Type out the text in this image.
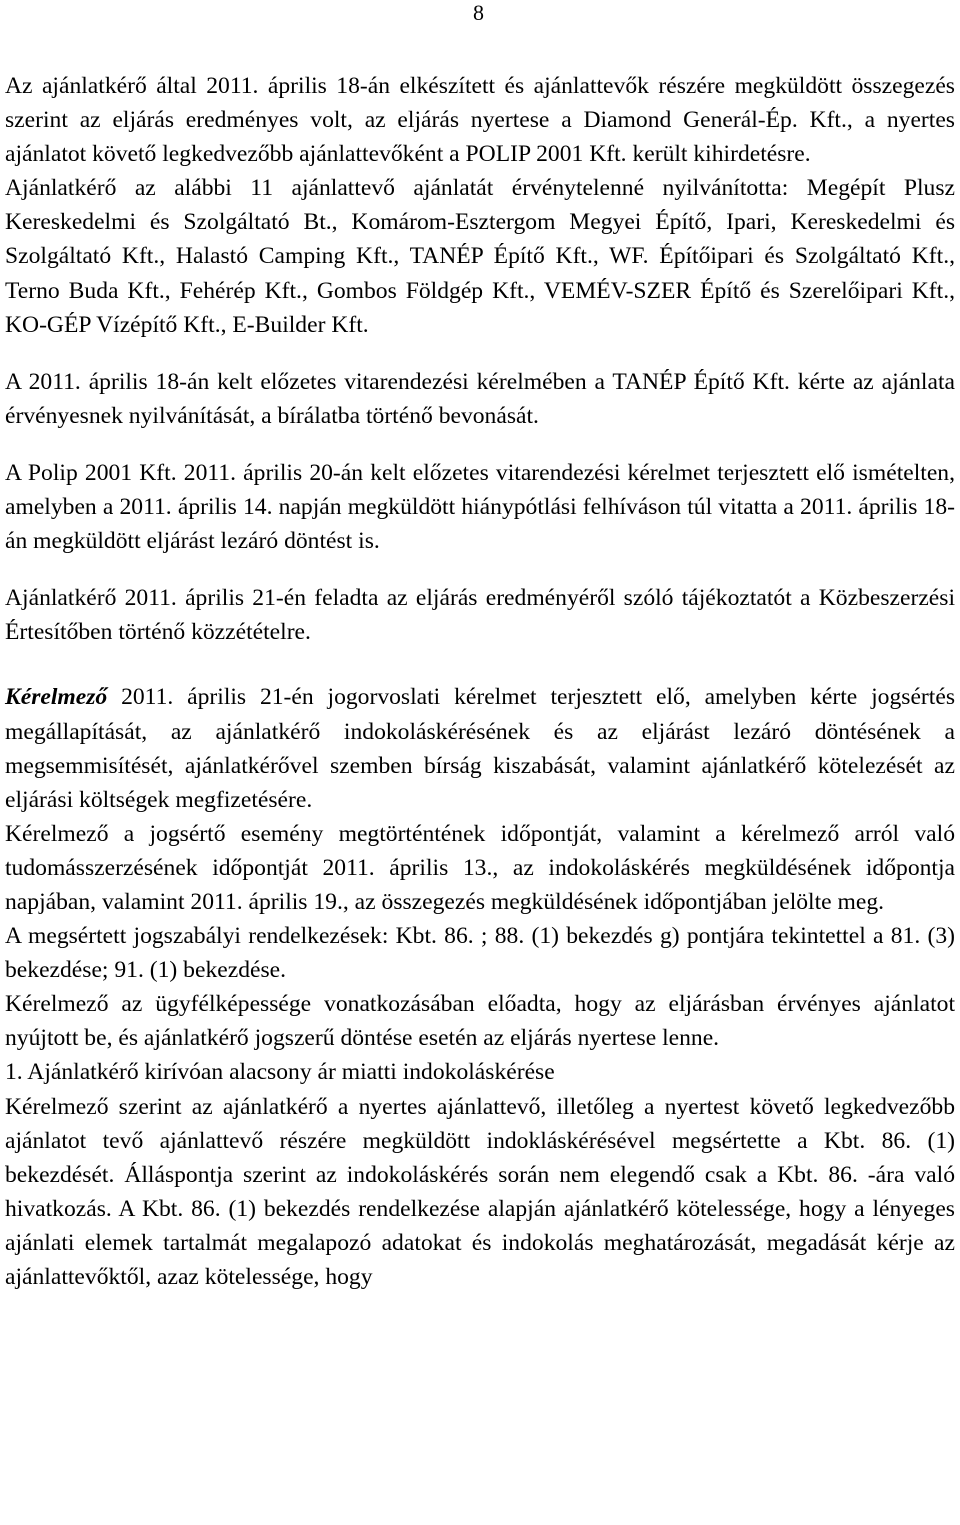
8

Az ajánlatkérő által 2011. április 18-án elkészített és ajánlattevők részére megküldött összegezés szerint az eljárás eredményes volt, az eljárás nyertese a Diamond Generál-Ép. Kft., a nyertes ajánlatot követő legkedvezőbb ajánlattevőként a POLIP 2001 Kft. került kihirdetésre.

Ajánlatkérő az alábbi 11 ajánlattevő ajánlatát érvénytelenné nyilvánította: Megépít Plusz Kereskedelmi és Szolgáltató Bt., Komárom-Esztergom Megyei Építő, Ipari, Kereskedelmi és Szolgáltató Kft., Halastó Camping Kft., TANÉP Építő Kft., WF. Építőipari és Szolgáltató Kft., Terno Buda Kft., Fehérép Kft., Gombos Földgép Kft., VEMÉV-SZER Építő és Szerelőipari Kft., KO-GÉP Vízépítő Kft., E-Builder Kft.

A 2011. április 18-án kelt előzetes vitarendezési kérelmében a TANÉP Építő Kft. kérte az ajánlata érvényesnek nyilvánítását, a bírálatba történő bevonását.

A Polip 2001 Kft. 2011. április 20-án kelt előzetes vitarendezési kérelmet terjesztett elő ismételten, amelyben a 2011. április 14. napján megküldött hiánypótlási felhíváson túl vitatta a 2011. április 18-án megküldött eljárást lezáró döntést is.

Ajánlatkérő 2011. április 21-én feladta az eljárás eredményéről szóló tájékoztatót a Közbeszerzési Értesítőben történő közzétételre.

Kérelmező 2011. április 21-én jogorvoslati kérelmet terjesztett elő, amelyben kérte jogsértés megállapítását, az ajánlatkérő indokoláskérésének és az eljárást lezáró döntésének a megsemmisítését, ajánlatkérővel szemben bírság kiszabását, valamint ajánlatkérő kötelezését az eljárási költségek megfizetésére.

Kérelmező a jogsértő esemény megtörténtének időpontját, valamint a kérelmező arról való tudomásszerzésének időpontját 2011. április 13., az indokoláskérés megküldésének időpontja napjában, valamint 2011. április 19., az összegezés megküldésének időpontjában jelölte meg.

A megsértett jogszabályi rendelkezések: Kbt. 86. ; 88. (1) bekezdés g) pontjára tekintettel a 81. (3) bekezdése; 91. (1) bekezdése.

Kérelmező az ügyfélképessége vonatkozásában előadta, hogy az eljárásban érvényes ajánlatot nyújtott be, és ajánlatkérő jogszerű döntése esetén az eljárás nyertese lenne.

1. Ajánlatkérő kirívóan alacsony ár miatti indokoláskérése

Kérelmező szerint az ajánlatkérő a nyertes ajánlattevő, illetőleg a nyertest követő legkedvezőbb ajánlatot tevő ajánlattevő részére megküldött indokláskérésével megsértette a Kbt. 86. (1) bekezdését. Álláspontja szerint az indokoláskérés során nem elegendő csak a Kbt. 86. -ára való hivatkozás. A Kbt. 86. (1) bekezdés rendelkezése alapján ajánlatkérő kötelessége, hogy a lényeges ajánlati elemek tartalmát megalapozó adatokat és indokolás meghatározását, megadását kérje az ajánlattevőktől, azaz kötelessége, hogy
